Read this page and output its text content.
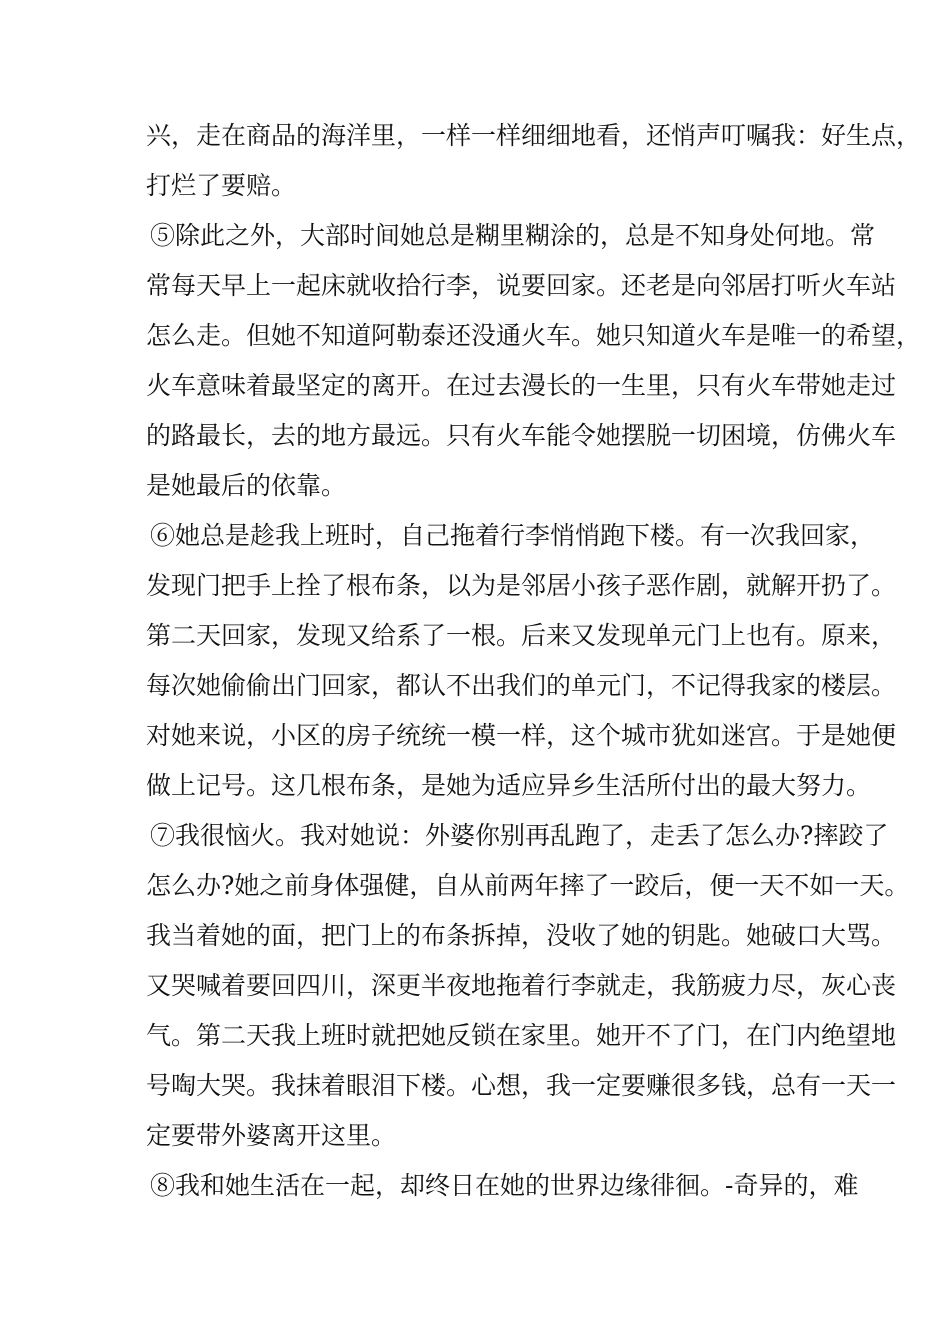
兴，走在商品的海洋里，一样一样细细地看，还悄声叮嘱我：好生点，
打烂了要赔。
⑤除此之外，大部时间她总是糊里糊涂的，总是不知身处何地。常
常每天早上一起床就收拾行李，说要回家。还老是向邻居打听火车站
怎么走。但她不知道阿勒泰还没通火车。她只知道火车是唯一的希望，
火车意味着最坚定的离开。在过去漫长的一生里，只有火车带她走过
的路最长，去的地方最远。只有火车能令她摆脱一切困境，仿佛火车
是她最后的依靠。
⑥她总是趁我上班时，自己拖着行李悄悄跑下楼。有一次我回家，
发现门把手上拴了根布条，以为是邻居小孩子恶作剧，就解开扔了。
第二天回家，发现又给系了一根。后来又发现单元门上也有。原来，
每次她偷偷出门回家，都认不出我们的单元门，不记得我家的楼层。
对她来说，小区的房子统统一模一样，这个城市犹如迷宫。于是她便
做上记号。这几根布条，是她为适应异乡生活所付出的最大努力。
⑦我很恼火。我对她说：外婆你别再乱跑了，走丢了怎么办?摔跤了
怎么办?她之前身体强健，自从前两年摔了一跤后，便一天不如一天。
我当着她的面，把门上的布条拆掉，没收了她的钥匙。她破口大骂。
又哭喊着要回四川，深更半夜地拖着行李就走，我筋疲力尽，灰心丧
气。第二天我上班时就把她反锁在家里。她开不了门，在门内绝望地
号啕大哭。我抹着眼泪下楼。心想，我一定要赚很多钱，总有一天一
定要带外婆离开这里。
⑧我和她生活在一起，却终日在她的世界边缘徘徊。-奇异的，难
